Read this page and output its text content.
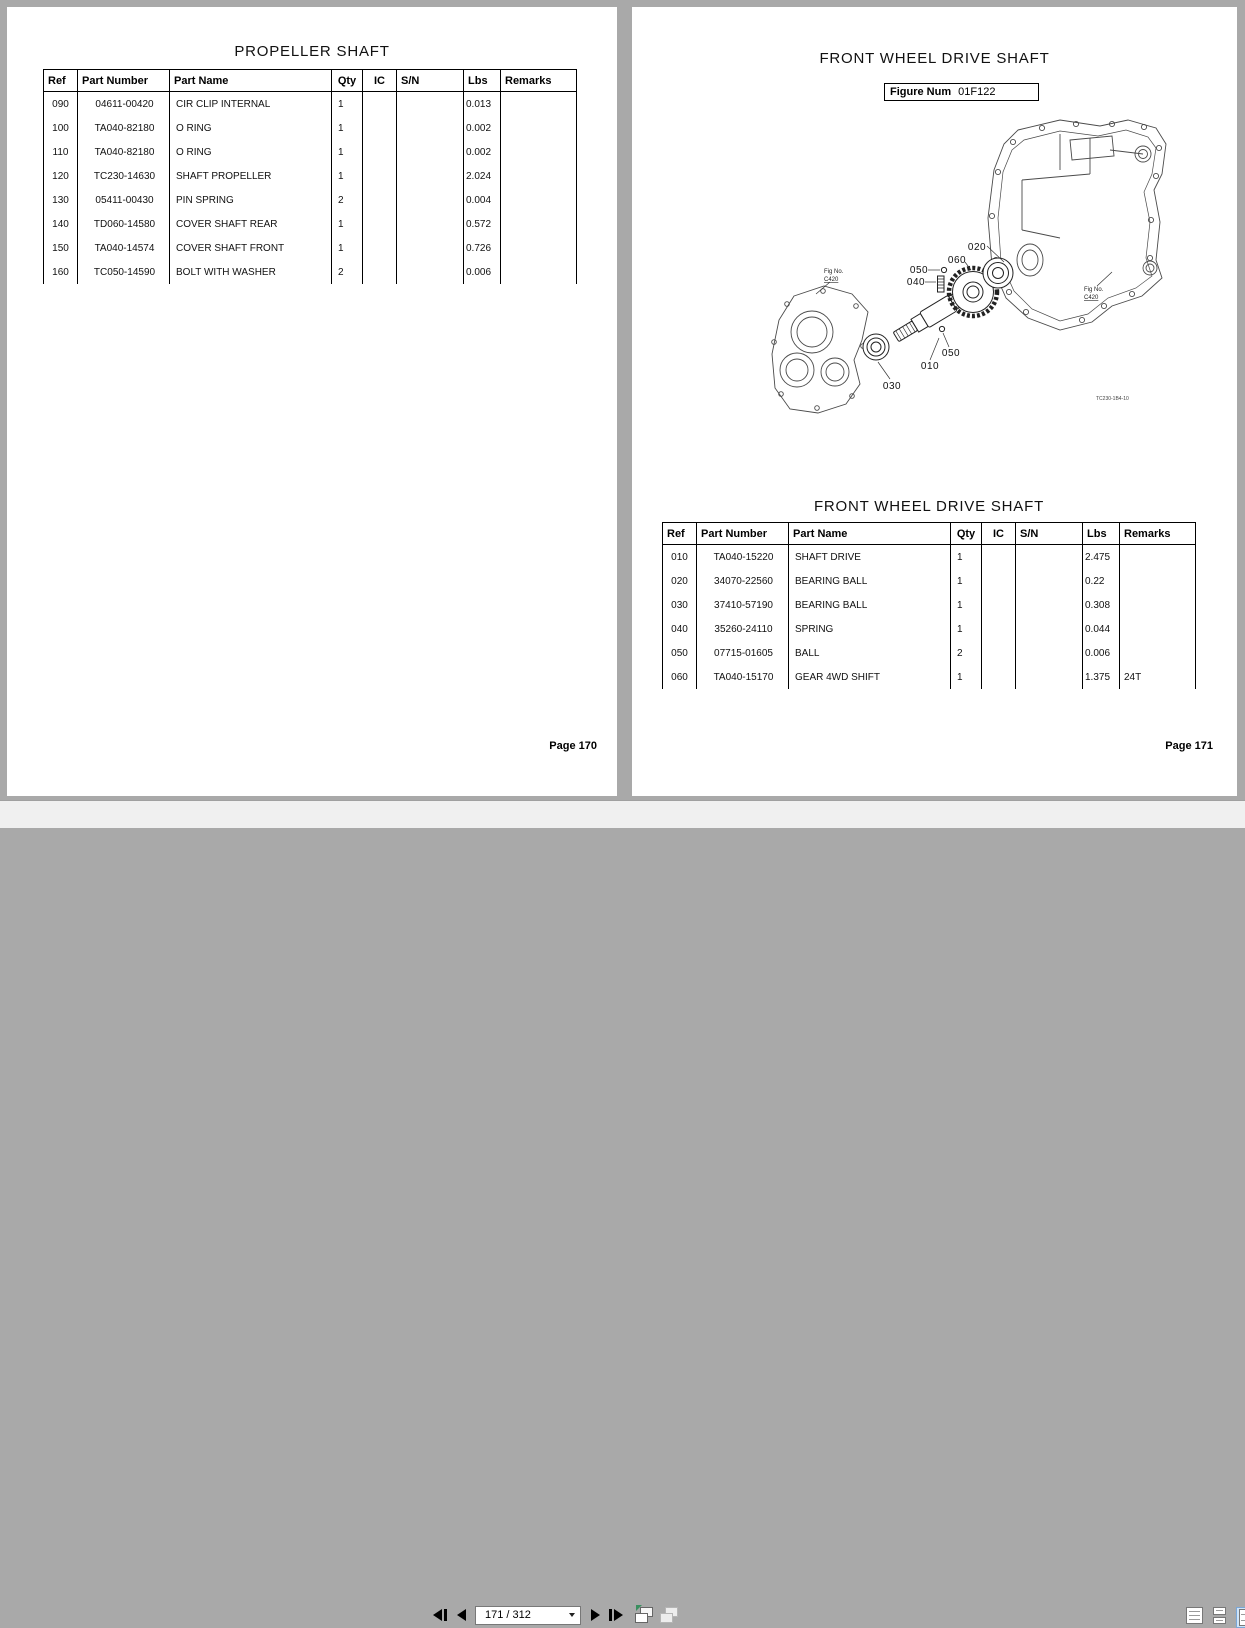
PROPELLER SHAFT
Ref	Part Number	Part Name	Qty	IC	S/N	Lbs	Remarks
090	04611-00420	CIR CLIP INTERNAL	1			0.013	
100	TA040-82180	O RING	1			0.002	
110	TA040-82180	O RING	1			0.002	
120	TC230-14630	SHAFT PROPELLER	1			2.024	
130	05411-00430	PIN SPRING	2			0.004	
140	TD060-14580	COVER SHAFT REAR	1			0.572	
150	TA040-14574	COVER SHAFT FRONT	1			0.726	
160	TC050-14590	BOLT WITH WASHER	2			0.006	
Page 170
FRONT WHEEL DRIVE SHAFT
Figure Num 01F122
020
060
050
040
050
010
030
Fig No.
C420
Fig No.
C420
TC230-1B4-10
FRONT WHEEL DRIVE SHAFT
Ref	Part Number	Part Name	Qty	IC	S/N	Lbs	Remarks
010	TA040-15220	SHAFT DRIVE	1			2.475	
020	34070-22560	BEARING BALL	1			0.22	
030	37410-57190	BEARING BALL	1			0.308	
040	35260-24110	SPRING	1			0.044	
050	07715-01605	BALL	2			0.006	
060	TA040-15170	GEAR 4WD SHIFT	1			1.375	24T
Page 171
171 / 312
